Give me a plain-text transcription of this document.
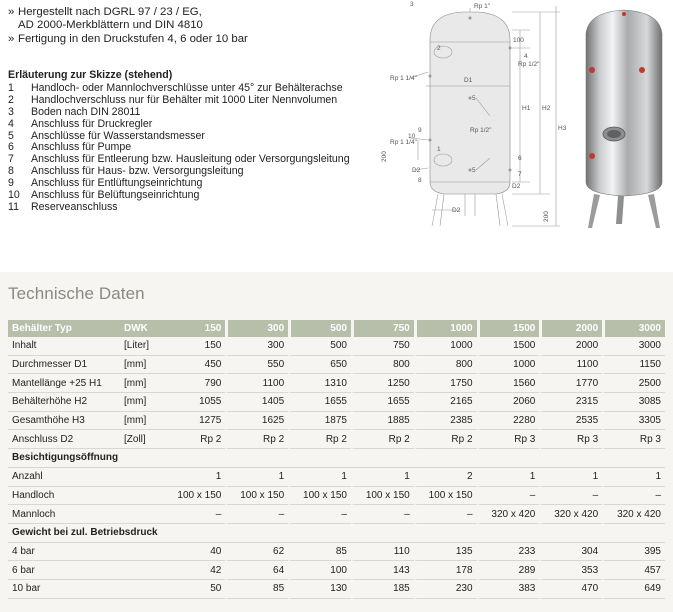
» Hergestellt nach DGRL 97 / 23 / EG,
AD 2000-Merkblättern und DIN 4810
» Fertigung in den Druckstufen 4, 6 oder 10 bar
Erläuterung zur Skizze (stehend)
1 Handloch- oder Mannlochverschlüsse unter 45° zur Behälterachse
2 Handlochverschluss nur für Behälter mit 1000 Liter Nennvolumen
3 Boden nach DIN 28011
4 Anschluss für Druckregler
5 Anschlüsse für Wasserstandsmesser
6 Anschluss für Pumpe
7 Anschluss für Entleerung bzw. Hausleitung oder Versorgungsleitung
8 Anschluss für Haus- bzw. Versorgungsleitung
9 Anschluss für Entlüftungseinrichtung
10 Anschluss für Belüftungseinrichtung
11 Reserveanschluss
3	Rp 1"
2
4
Rp 1/2"
100
Rp 1 1/4"	D1
5
Rp 1/2"
9
10
Rp 1 1/4"
1
5
6
7
8
D2
D2
D2
H1 H2
H3
200
200
Technische Daten
Behälter Typ	DWK	150	300	500	750	1000	1500	2000	3000
Inhalt	[Liter]	150	300	500	750	1000	1500	2000	3000
Durchmesser D1	[mm]	450	550	650	800	800	1000	1100	1150
Mantellänge +25 H1	[mm]	790	1100	1310	1250	1750	1560	1770	2500
Behälterhöhe H2	[mm]	1055	1405	1655	1655	2165	2060	2315	3085
Gesamthöhe H3	[mm]	1275	1625	1875	1885	2385	2280	2535	3305
Anschluss D2	[Zoll]	Rp 2	Rp 2	Rp 2	Rp 2	Rp 2	Rp 3	Rp 3	Rp 3
Besichtigungsöffnung									
Anzahl		1	1	1	1	2	1	1	1
Handloch		100 x 150	100 x 150	100 x 150	100 x 150	100 x 150	–	–	–
Mannloch		–	–	–	–	–	320 x 420	320 x 420	320 x 420
Gewicht bei zul. Betriebsdruck									
4 bar		40	62	85	110	135	233	304	395
6 bar		42	64	100	143	178	289	353	457
10 bar		50	85	130	185	230	383	470	649
